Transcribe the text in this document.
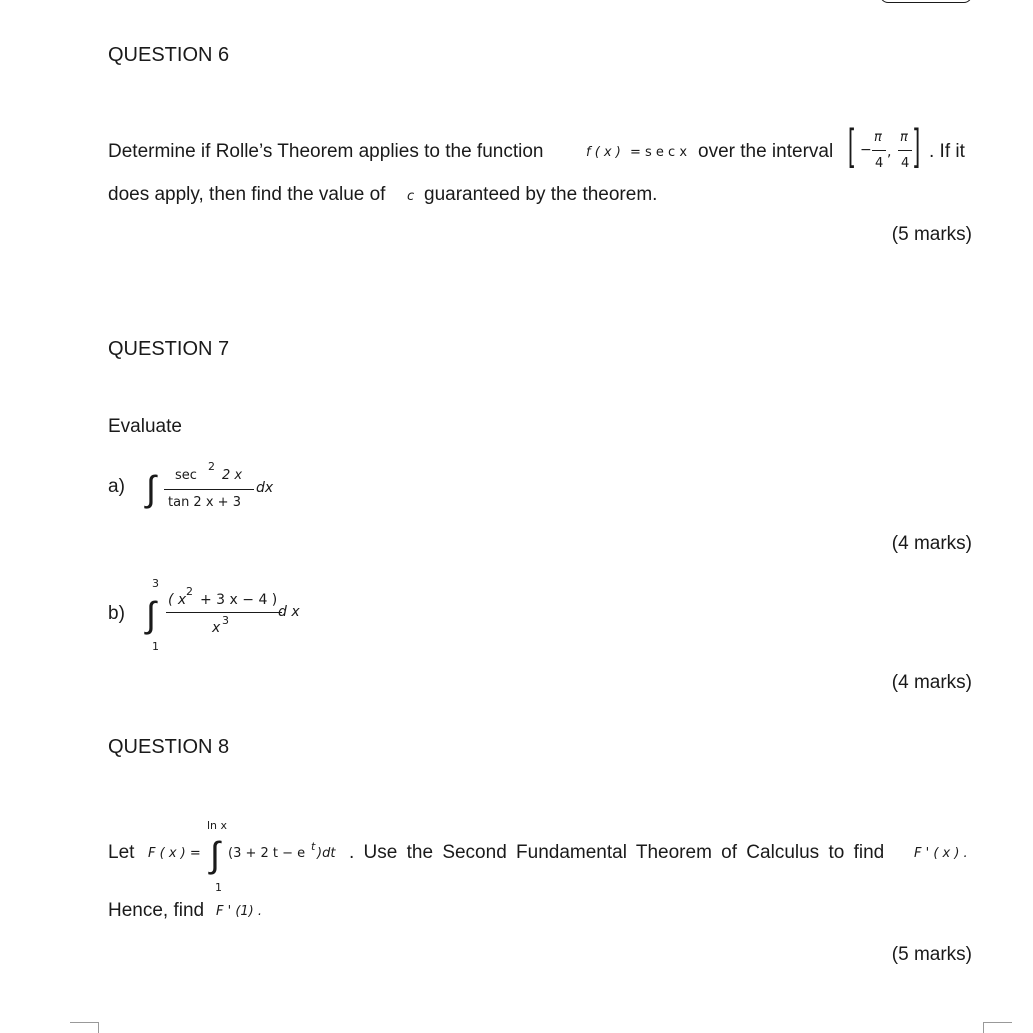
QUESTION 6
Determine if Rolle’s Theorem applies to the function	f ( x ) = s e c x over the interval [ −
π
4
,
π
4 ] . If it
does apply, then find the value of c guaranteed by the theorem.
(5 marks)
QUESTION 7
Evaluate
a) ∫ sec
2
2 x
tan 2 x + 3
dx
(4 marks)
b)
3
∫
1
( x
2
+ 3 x − 4 )
x 3
d x
(4 marks)
QUESTION 8
Let F ( x ) =
ln x
∫
1
(3 + 2 t − e t )dt . Use the Second Fundamental Theorem of Calculus to find F ' ( x ) .
Hence, find F ' (1) .
(5 marks)
